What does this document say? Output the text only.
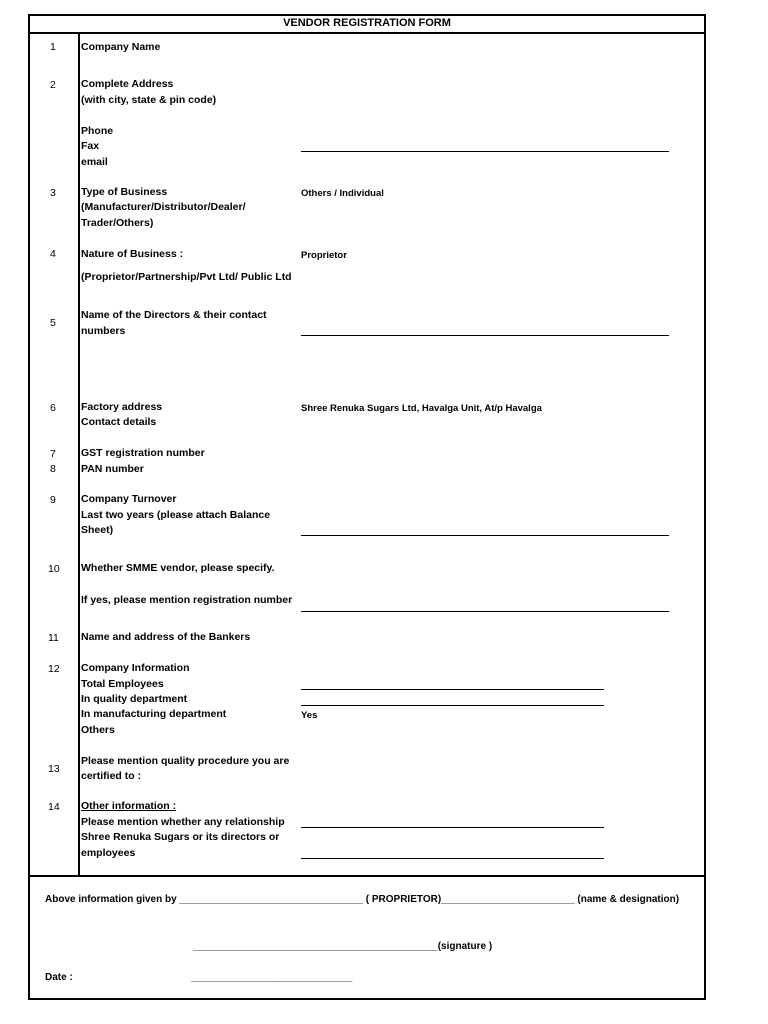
VENDOR REGISTRATION FORM
1 Company Name
2 Complete Address
(with city, state & pin code)
Phone
Fax
email
3 Type of Business
(Manufacturer/Distributor/Dealer/
Trader/Others)
Others / Individual
4 Nature of Business :
(Proprietor/Partnership/Pvt Ltd/ Public Ltd
Proprietor
5
Name of the Directors & their contact
numbers
6 Factory address
Contact details
Shree Renuka Sugars Ltd, Havalga Unit, At/p Havalga
7 GST registration number
8 PAN number
9 Company Turnover
Last two years (please attach Balance
Sheet)
10 Whether SMME vendor, please specify.
If yes, please mention registration number
11 Name and address of the Bankers
12 Company Information
Total Employees
In quality department
In manufacturing department
Others
Yes
13
Please mention quality procedure you are
certified to :
14 Other information :
Please mention whether any relationship
Shree Renuka Sugars or its directors or
employees
Above information given by _________________________________ ( PROPRIETOR)________________________ (name & designation)
____________________________________________(signature )
Date :	_____________________________
